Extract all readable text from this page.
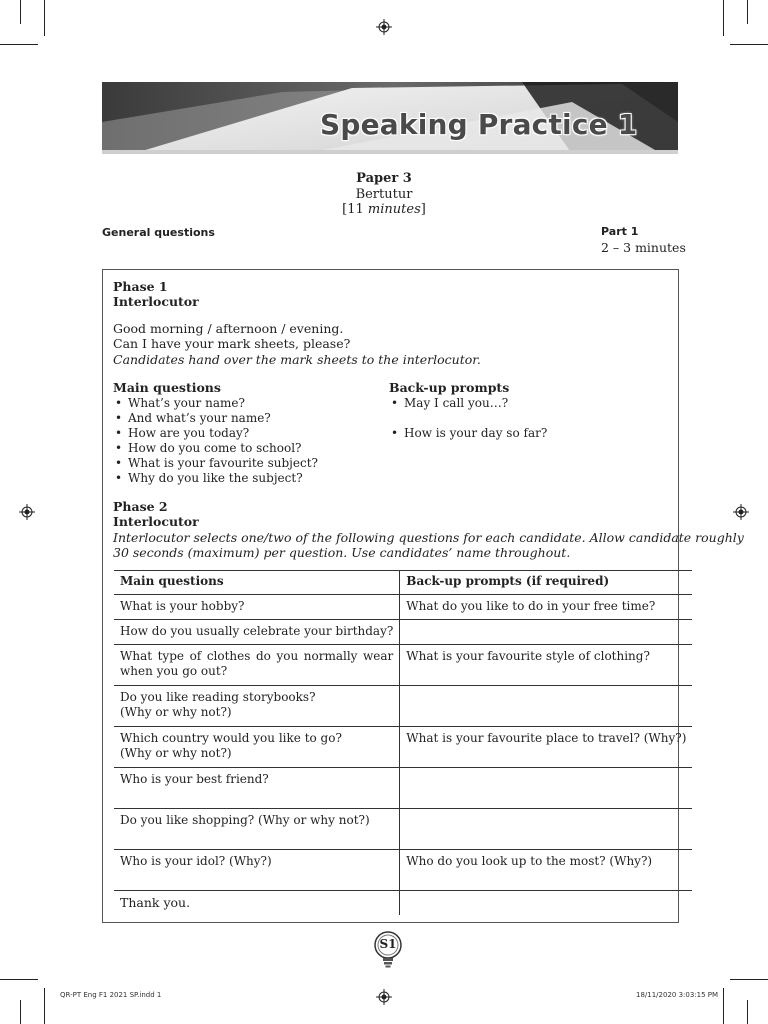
Speaking Practice 1
Paper 3
Bertutur
[11 minutes]
General questions	Part 1
2 – 3 minutes
Phase 1
Interlocutor
Good morning / afternoon / evening.
Can I have your mark sheets, please?
Candidates hand over the mark sheets to the interlocutor.
Main questions	Back-up prompts
• What’s your name?
• And what’s your name?
• How are you today?
• How do you come to school?
• What is your favourite subject?
• Why do you like the subject?
• May I call you…?
• How is your day so far?
Phase 2
Interlocutor
Interlocutor selects one/two of the following questions for each candidate. Allow candidate roughly
30 seconds (maximum) per question. Use candidates’ name throughout.
Main questions	Back-up prompts (if required)
What is your hobby?	What do you like to do in your free time?
How do you usually celebrate your birthday?	
What type of clothes do you normally wear when you go out?	What is your favourite style of clothing?

Do you like reading storybooks?
(Why or why not?)	

Which country would you like to go?
(Why or why not?)	What is your favourite place to travel? (Why?)
Who is your best friend?	
Do you like shopping? (Why or why not?)	
Who is your idol? (Why?)	Who do you look up to the most? (Why?)
Thank you.	
S1
QR-PT Eng F1 2021 SP.indd 1	18/11/2020 3:03:15 PM
